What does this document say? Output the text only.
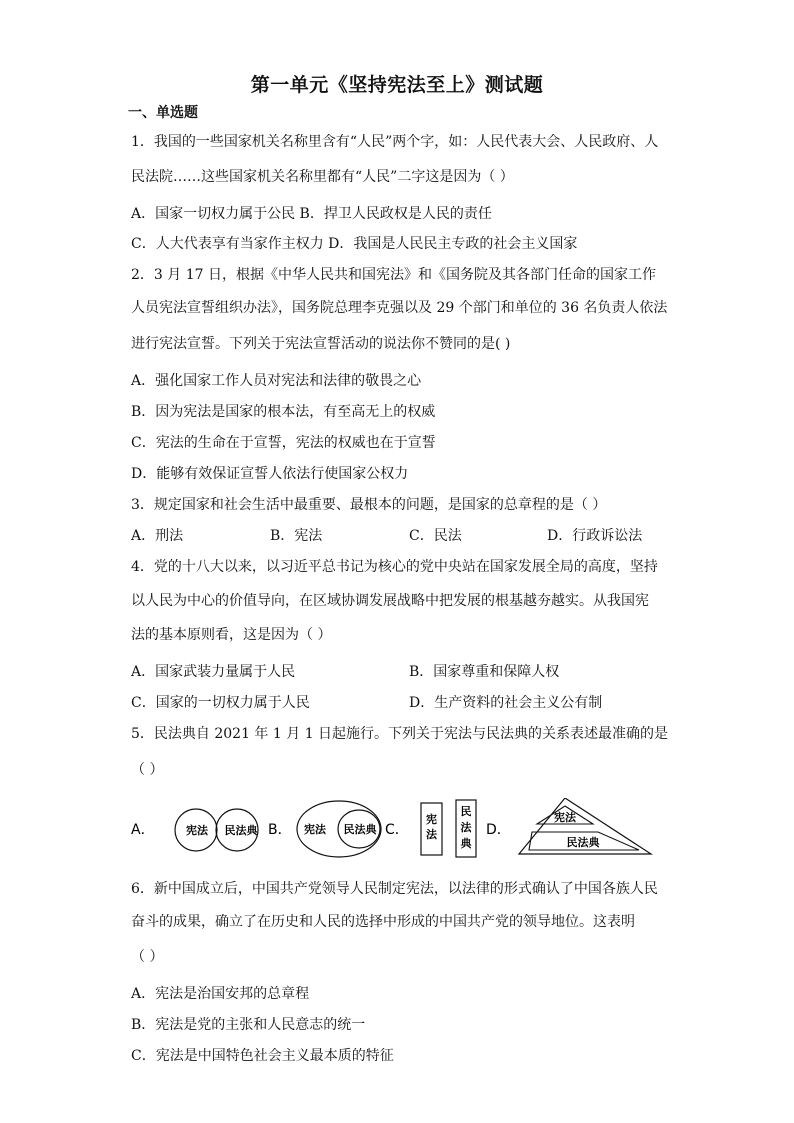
第一单元《坚持宪法至上》测试题
一、单选题
1．我国的一些国家机关名称里含有“人民”两个字，如：人民代表大会、人民政府、人
民法院……这些国家机关名称里都有“人民”二字这是因为（ ）
A．国家一切权力属于公民 B．捍卫人民政权是人民的责任
C．人大代表享有当家作主权力 D．我国是人民民主专政的社会主义国家
2．3 月 17 日，根据《中华人民共和国宪法》和《国务院及其各部门任命的国家工作
人员宪法宣誓组织办法》，国务院总理李克强以及 29 个部门和单位的 36 名负责人依法
进行宪法宣誓。下列关于宪法宣誓活动的说法你不赞同的是( )
A．强化国家工作人员对宪法和法律的敬畏之心
B．因为宪法是国家的根本法，有至高无上的权威
C．宪法的生命在于宣誓，宪法的权威也在于宣誓
D．能够有效保证宣誓人依法行使国家公权力
3．规定国家和社会生活中最重要、最根本的问题，是国家的总章程的是（ ）
A．刑法	B．宪法	C．民法	D．行政诉讼法
4．党的十八大以来，以习近平总书记为核心的党中央站在国家发展全局的高度，坚持
以人民为中心的价值导向，在区域协调发展战略中把发展的根基越夯越实。从我国宪
法的基本原则看，这是因为（ ）
A．国家武装力量属于人民	B．国家尊重和保障人权
C．国家的一切权力属于人民	D．生产资料的社会主义公有制
5．民法典自 2021 年 1 月 1 日起施行。下列关于宪法与民法典的关系表述最准确的是
（ ）
A．	宪法 民法典 B． 宪法 民法典 C．
宪
法
民
法
典
D．
宪法
民法典
6．新中国成立后，中国共产党领导人民制定宪法，以法律的形式确认了中国各族人民
奋斗的成果，确立了在历史和人民的选择中形成的中国共产党的领导地位。这表明
（ ）
A．宪法是治国安邦的总章程
B．宪法是党的主张和人民意志的统一
C．宪法是中国特色社会主义最本质的特征
